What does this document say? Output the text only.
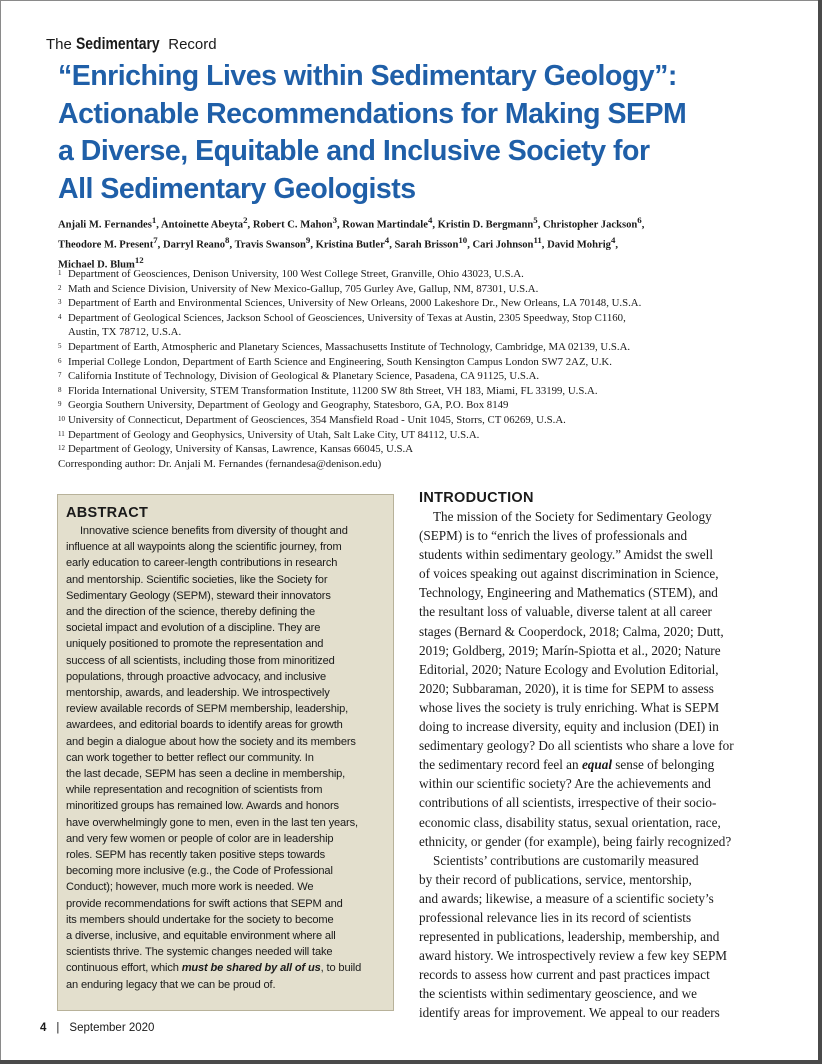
The Sedimentary Record
“Enriching Lives within Sedimentary Geology”:
Actionable Recommendations for Making SEPM
a Diverse, Equitable and Inclusive Society for
All Sedimentary Geologists
Anjali M. Fernandes$^1$, Antoinette Abeyta$^2$, Robert C. Mahon$^3$, Rowan Martindale$^4$, Kristin D. Bergmann$^5$, Christopher Jackson$^6$,
Theodore M. Present$^7$, Darryl Reano$^8$, Travis Swanson$^9$, Kristina Butler$^4$, Sarah Brisson$^{10}$, Cari Johnson$^{11}$, David Mohrig$^4$,
Michael D. Blum$^{12}$
1 Department of Geosciences, Denison University, 100 West College Street, Granville, Ohio 43023, U.S.A.
2 Math and Science Division, University of New Mexico-Gallup, 705 Gurley Ave, Gallup, NM, 87301, U.S.A.
3 Department of Earth and Environmental Sciences, University of New Orleans, 2000 Lakeshore Dr., New Orleans, LA 70148, U.S.A.
4 Department of Geological Sciences, Jackson School of Geosciences, University of Texas at Austin, 2305 Speedway, Stop C1160,
Austin, TX 78712, U.S.A.
5 Department of Earth, Atmospheric and Planetary Sciences, Massachusetts Institute of Technology, Cambridge, MA 02139, U.S.A.
6 Imperial College London, Department of Earth Science and Engineering, South Kensington Campus London SW7 2AZ, U.K.
7 California Institute of Technology, Division of Geological & Planetary Science, Pasadena, CA 91125, U.S.A.
8 Florida International University, STEM Transformation Institute, 11200 SW 8th Street, VH 183, Miami, FL 33199, U.S.A.
9 Georgia Southern University, Department of Geology and Geography, Statesboro, GA, P.O. Box 8149
10 University of Connecticut, Department of Geosciences, 354 Mansfield Road - Unit 1045, Storrs, CT 06269, U.S.A.
11 Department of Geology and Geophysics, University of Utah, Salt Lake City, UT 84112, U.S.A.
12 Department of Geology, University of Kansas, Lawrence, Kansas 66045, U.S.A
Corresponding author: Dr. Anjali M. Fernandes (fernandesa@denison.edu)
ABSTRACT
Innovative science benefits from diversity of thought and
influence at all waypoints along the scientific journey, from
early education to career-length contributions in research
and mentorship. Scientific societies, like the Society for
Sedimentary Geology (SEPM), steward their innovators
and the direction of the science, thereby defining the
societal impact and evolution of a discipline. They are
uniquely positioned to promote the representation and
success of all scientists, including those from minoritized
populations, through proactive advocacy, and inclusive
mentorship, awards, and leadership. We introspectively
review available records of SEPM membership, leadership,
awardees, and editorial boards to identify areas for growth
and begin a dialogue about how the society and its members
can work together to better reflect our community. In
the last decade, SEPM has seen a decline in membership,
while representation and recognition of scientists from
minoritized groups has remained low. Awards and honors
have overwhelmingly gone to men, even in the last ten years,
and very few women or people of color are in leadership
roles. SEPM has recently taken positive steps towards
becoming more inclusive (e.g., the Code of Professional
Conduct); however, much more work is needed. We
provide recommendations for swift actions that SEPM and
its members should undertake for the society to become
a diverse, inclusive, and equitable environment where all
scientists thrive. The systemic changes needed will take
continuous effort, which must be shared by all of us, to build
an enduring legacy that we can be proud of.
INTRODUCTION
The mission of the Society for Sedimentary Geology
(SEPM) is to “enrich the lives of professionals and
students within sedimentary geology.” Amidst the swell
of voices speaking out against discrimination in Science,
Technology, Engineering and Mathematics (STEM), and
the resultant loss of valuable, diverse talent at all career
stages (Bernard & Cooperdock, 2018; Calma, 2020; Dutt,
2019; Goldberg, 2019; Marín-Spiotta et al., 2020; Nature
Editorial, 2020; Nature Ecology and Evolution Editorial,
2020; Subbaraman, 2020), it is time for SEPM to assess
whose lives the society is truly enriching. What is SEPM
doing to increase diversity, equity and inclusion (DEI) in
sedimentary geology? Do all scientists who share a love for
the sedimentary record feel an equal sense of belonging
within our scientific society? Are the achievements and
contributions of all scientists, irrespective of their socio-
economic class, disability status, sexual orientation, race,
ethnicity, or gender (for example), being fairly recognized?
Scientists’ contributions are customarily measured
by their record of publications, service, mentorship,
and awards; likewise, a measure of a scientific society’s
professional relevance lies in its record of scientists
represented in publications, leadership, membership, and
award history. We introspectively review a few key SEPM
records to assess how current and past practices impact
the scientists within sedimentary geoscience, and we
identify areas for improvement. We appeal to our readers
4 | September 2020
